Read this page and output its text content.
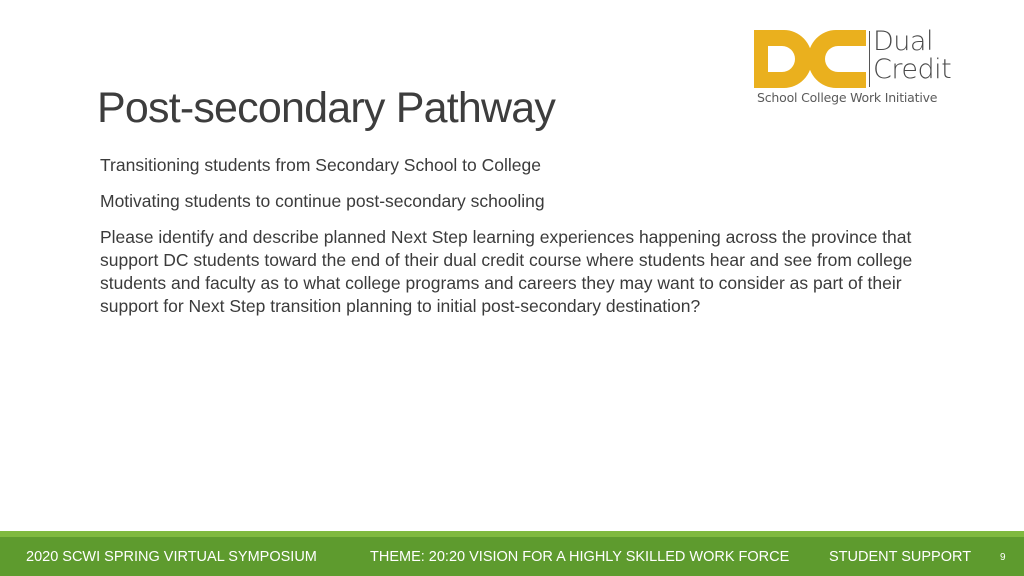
Dual
Credit
School College Work Initiative
Post-secondary Pathway
Transitioning students from Secondary School to College
Motivating students to continue post-secondary schooling
Please identify and describe planned Next Step learning experiences happening across the province that support DC students toward the end of their dual credit course where students hear and see from college students and faculty as to what college programs and careers they may want to consider as part of their support for Next Step transition planning to initial post-secondary destination?
2020 SCWI SPRING VIRTUAL SYMPOSIUM	THEME: 20:20 VISION FOR A HIGHLY SKILLED WORK FORCE	STUDENT SUPPORT	9
